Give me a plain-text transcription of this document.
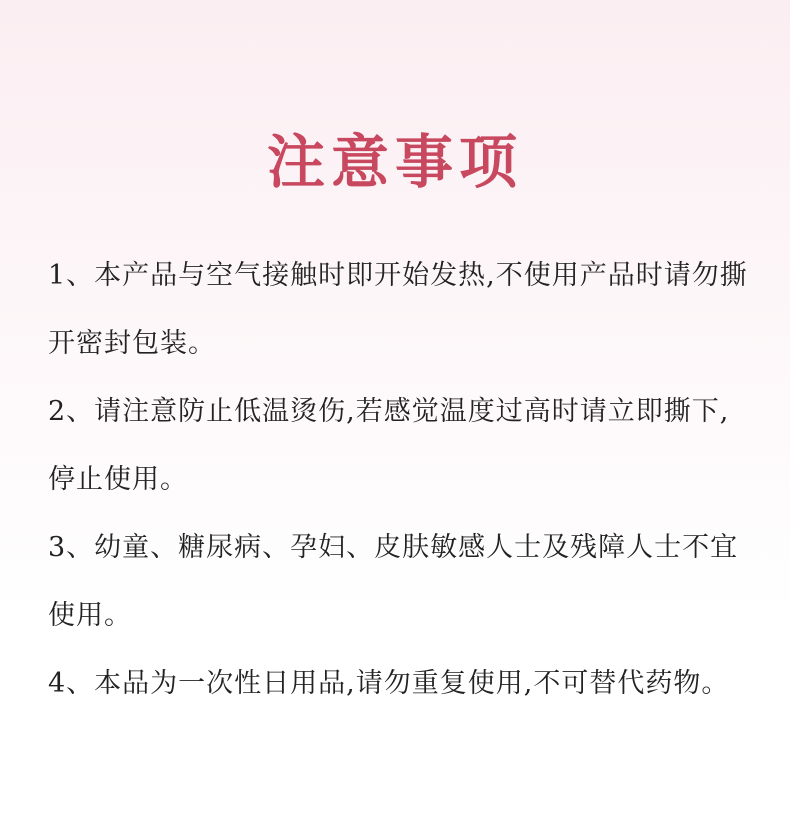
注意事项
1、本产品与空气接触时即开始发热,不使用产品时请勿撕开密封包装。
2、请注意防止低温烫伤,若感觉温度过高时请立即撕下,停止使用。
3、幼童、糖尿病、孕妇、皮肤敏感人士及残障人士不宜使用。
4、本品为一次性日用品,请勿重复使用,不可替代药物。
